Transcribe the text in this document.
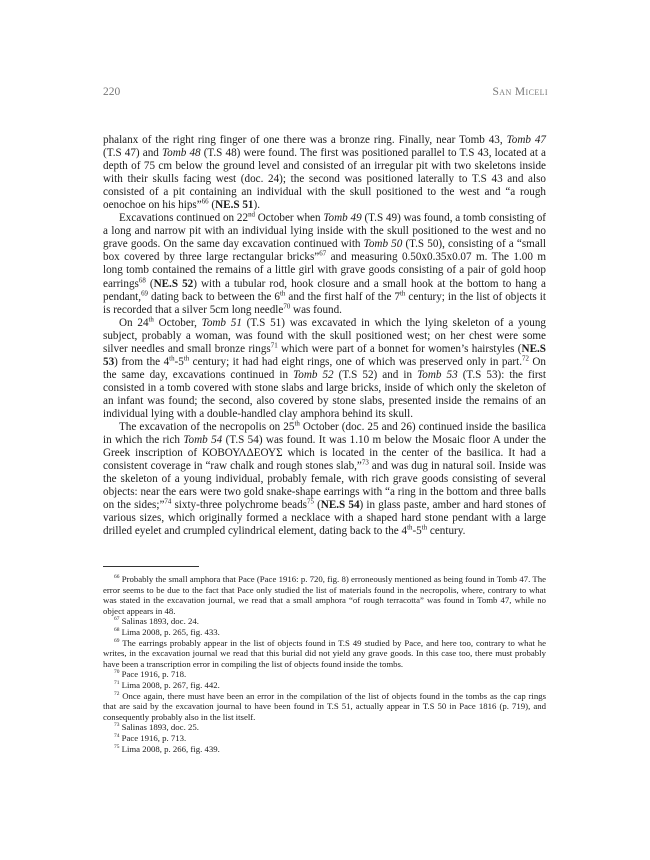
220	San Miceli

phalanx of the right ring finger of one there was a bronze ring. Finally, near Tomb 43, Tomb 47 (T.S 47) and Tomb 48 (T.S 48) were found. The first was positioned parallel to T.S 43, located at a depth of 75 cm below the ground level and consisted of an irregular pit with two skeletons inside with their skulls facing west (doc. 24); the second was positioned laterally to T.S 43 and also consisted of a pit containing an individual with the skull positioned to the west and “a rough oenochoe on his hips”$^{66}$ (NE.S 51).

Excavations continued on 22nd October when Tomb 49 (T.S 49) was found, a tomb consisting of a long and narrow pit with an individual lying inside with the skull positioned to the west and no grave goods. On the same day excavation continued with Tomb 50 (T.S 50), consisting of a “small box covered by three large rectangular bricks”$^{67}$ and measuring 0.50x0.35x0.07 m. The 1.00 m long tomb contained the remains of a little girl with grave goods consisting of a pair of gold hoop earrings$^{68}$ (NE.S 52) with a tubular rod, hook closure and a small hook at the bottom to hang a pendant,$^{69}$ dating back to between the 6th and the first half of the 7th century; in the list of objects it is recorded that a silver 5cm long needle$^{70}$ was found.

On 24th October, Tomb 51 (T.S 51) was excavated in which the lying skeleton of a young subject, probably a woman, was found with the skull positioned west; on her chest were some silver needles and small bronze rings$^{71}$ which were part of a bonnet for women’s hairstyles (NE.S 53) from the 4th-5th century; it had had eight rings, one of which was preserved only in part.$^{72}$ On the same day, excavations continued in Tomb 52 (T.S 52) and in Tomb 53 (T.S 53): the first consisted in a tomb covered with stone slabs and large bricks, inside of which only the skeleton of an infant was found; the second, also covered by stone slabs, presented inside the remains of an individual lying with a double-handled clay amphora behind its skull.

The excavation of the necropolis on 25th October (doc. 25 and 26) continued inside the basilica in which the rich Tomb 54 (T.S 54) was found. It was 1.10 m below the Mosaic floor A under the Greek inscription of ΚΟΒΟΥΛΔΕΟΥΣ which is located in the center of the basilica. It had a consistent coverage in “raw chalk and rough stones slab,”$^{73}$ and was dug in natural soil. Inside was the skeleton of a young individual, probably female, with rich grave goods consisting of several objects: near the ears were two gold snake-shape earrings with “a ring in the bottom and three balls on the sides;”$^{74}$ sixty-three polychrome beads$^{75}$ (NE.S 54) in glass paste, amber and hard stones of various sizes, which originally formed a necklace with a shaped hard stone pendant with a large drilled eyelet and crumpled cylindrical element, dating back to the 4th-5th century.

$^{66}$ Probably the small amphora that Pace (Pace 1916: p. 720, fig. 8) erroneously mentioned as being found in Tomb 47. The error seems to be due to the fact that Pace only studied the list of materials found in the necropolis, where, contrary to what was stated in the excavation journal, we read that a small amphora “of rough terracotta” was found in Tomb 47, while no object appears in 48.

$^{67}$ Salinas 1893, doc. 24.

$^{68}$ Lima 2008, p. 265, fig. 433.

$^{69}$ The earrings probably appear in the list of objects found in T.S 49 studied by Pace, and here too, contrary to what he writes, in the excavation journal we read that this burial did not yield any grave goods. In this case too, there must probably have been a transcription error in compiling the list of objects found inside the tombs.

$^{70}$ Pace 1916, p. 718.

$^{71}$ Lima 2008, p. 267, fig. 442.

$^{72}$ Once again, there must have been an error in the compilation of the list of objects found in the tombs as the cap rings that are said by the excavation journal to have been found in T.S 51, actually appear in T.S 50 in Pace 1816 (p. 719), and consequently probably also in the list itself.

$^{73}$ Salinas 1893, doc. 25.

$^{74}$ Pace 1916, p. 713.

$^{75}$ Lima 2008, p. 266, fig. 439.
